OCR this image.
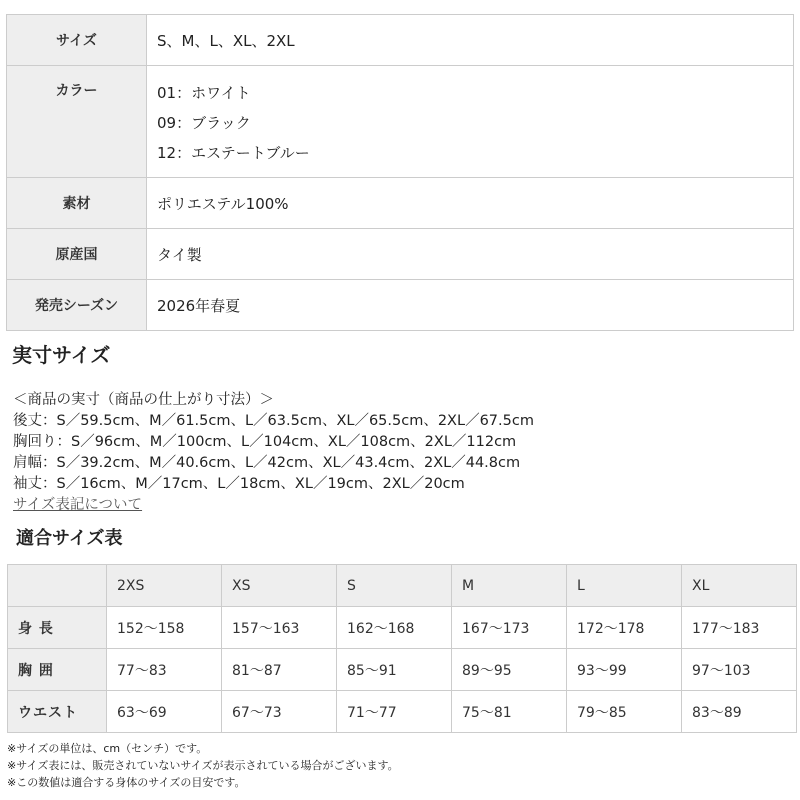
サイズ	S、M、L、XL、2XL
カラー	01：ホワイト
09：ブラック
12：エステートブルー

素材	ポリエステル100%
原産国	タイ製
発売シーズン	2026年春夏
実寸サイズ
＜商品の実寸（商品の仕上がり寸法）＞
後丈：S／59.5cm、M／61.5cm、L／63.5cm、XL／65.5cm、2XL／67.5cm
胸回り：S／96cm、M／100cm、L／104cm、XL／108cm、2XL／112cm
肩幅：S／39.2cm、M／40.6cm、L／42cm、XL／43.4cm、2XL／44.8cm
袖丈：S／16cm、M／17cm、L／18cm、XL／19cm、2XL／20cm
サイズ表記について
適合サイズ表
	2XS	XS	S	M	L	XL
身 長	152～158	157～163	162～168	167～173	172～178	177～183
胸 囲	77～83	81～87	85～91	89～95	93～99	97～103
ウエスト	63～69	67～73	71～77	75～81	79～85	83～89
※サイズの単位は、cm（センチ）です。
※サイズ表には、販売されていないサイズが表示されている場合がございます。
※この数値は適合する身体のサイズの目安です。
